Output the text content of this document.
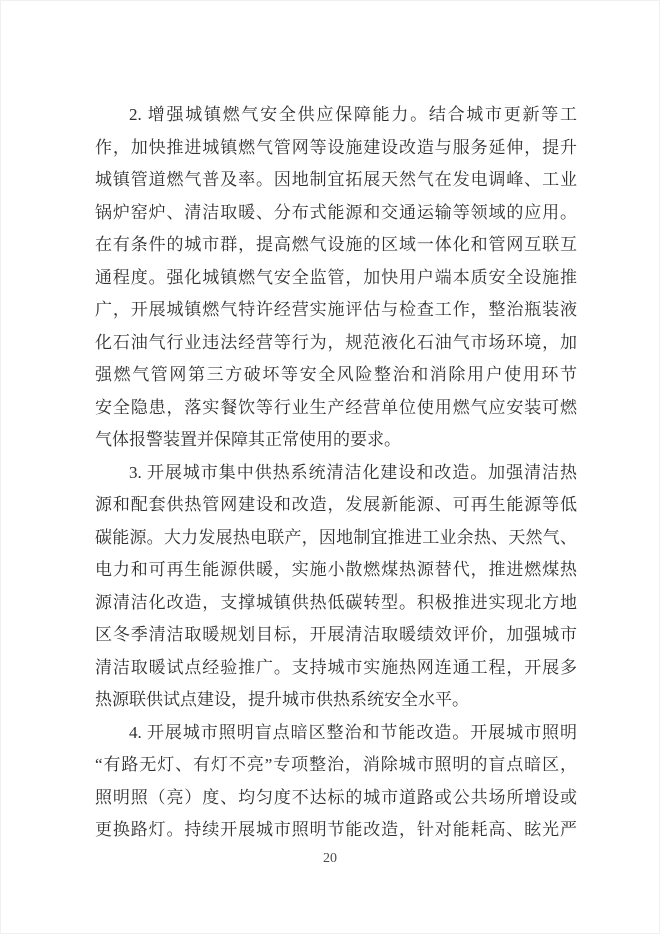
2. 增强城镇燃气安全供应保障能力。结合城市更新等工
作，加快推进城镇燃气管网等设施建设改造与服务延伸，提升
城镇管道燃气普及率。因地制宜拓展天然气在发电调峰、工业
锅炉窑炉、清洁取暖、分布式能源和交通运输等领域的应用。
在有条件的城市群，提高燃气设施的区域一体化和管网互联互
通程度。强化城镇燃气安全监管，加快用户端本质安全设施推
广，开展城镇燃气特许经营实施评估与检查工作，整治瓶装液
化石油气行业违法经营等行为，规范液化石油气市场环境，加
强燃气管网第三方破坏等安全风险整治和消除用户使用环节
安全隐患，落实餐饮等行业生产经营单位使用燃气应安装可燃
气体报警装置并保障其正常使用的要求。
3. 开展城市集中供热系统清洁化建设和改造。加强清洁热
源和配套供热管网建设和改造，发展新能源、可再生能源等低
碳能源。大力发展热电联产，因地制宜推进工业余热、天然气、
电力和可再生能源供暖，实施小散燃煤热源替代，推进燃煤热
源清洁化改造，支撑城镇供热低碳转型。积极推进实现北方地
区冬季清洁取暖规划目标，开展清洁取暖绩效评价，加强城市
清洁取暖试点经验推广。支持城市实施热网连通工程，开展多
热源联供试点建设，提升城市供热系统安全水平。
4. 开展城市照明盲点暗区整治和节能改造。开展城市照明
“有路无灯、有灯不亮”专项整治，消除城市照明的盲点暗区，
照明照（亮）度、均匀度不达标的城市道路或公共场所增设或
更换路灯。持续开展城市照明节能改造，针对能耗高、眩光严
20
